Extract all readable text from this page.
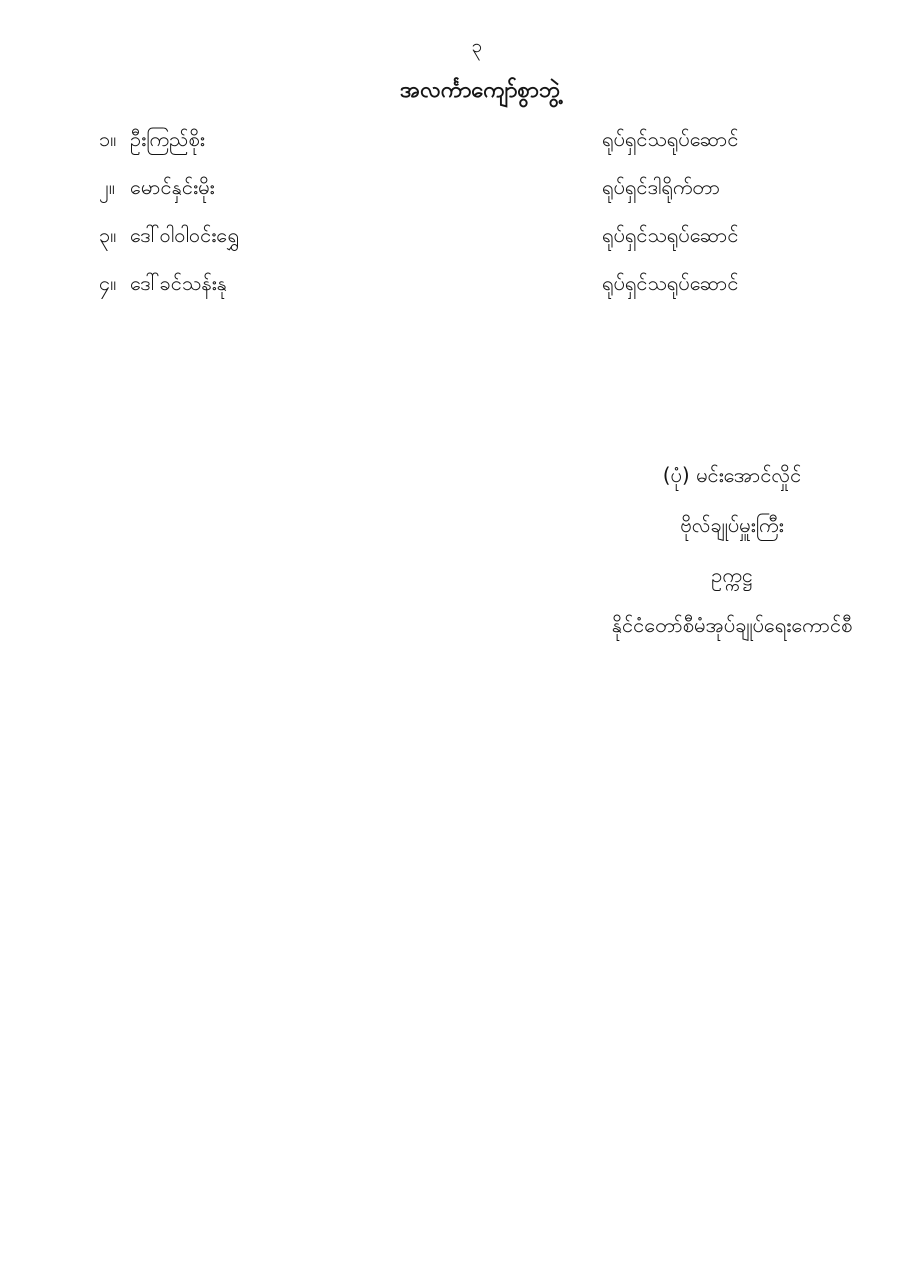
၃
အလင်္ကာကျော်စွာဘွဲ့
၁။ ဦးကြည်စိုး	ရုပ်ရှင်သရုပ်ဆောင်
၂။ မောင်နှင်းမိုး	ရုပ်ရှင်ဒါရိုက်တာ
၃။ ဒေါ်ဝါဝါဝင်းရွှေ	ရုပ်ရှင်သရုပ်ဆောင်
၄။ ဒေါ်ခင်သန်းနု	ရုပ်ရှင်သရုပ်ဆောင်
(ပုံ) မင်းအောင်လှိုင်
ဗိုလ်ချုပ်မှူးကြီး
ဥက္ကဋ္ဌ
နိုင်ငံတော်စီမံအုပ်ချုပ်ရေးကောင်စီ
